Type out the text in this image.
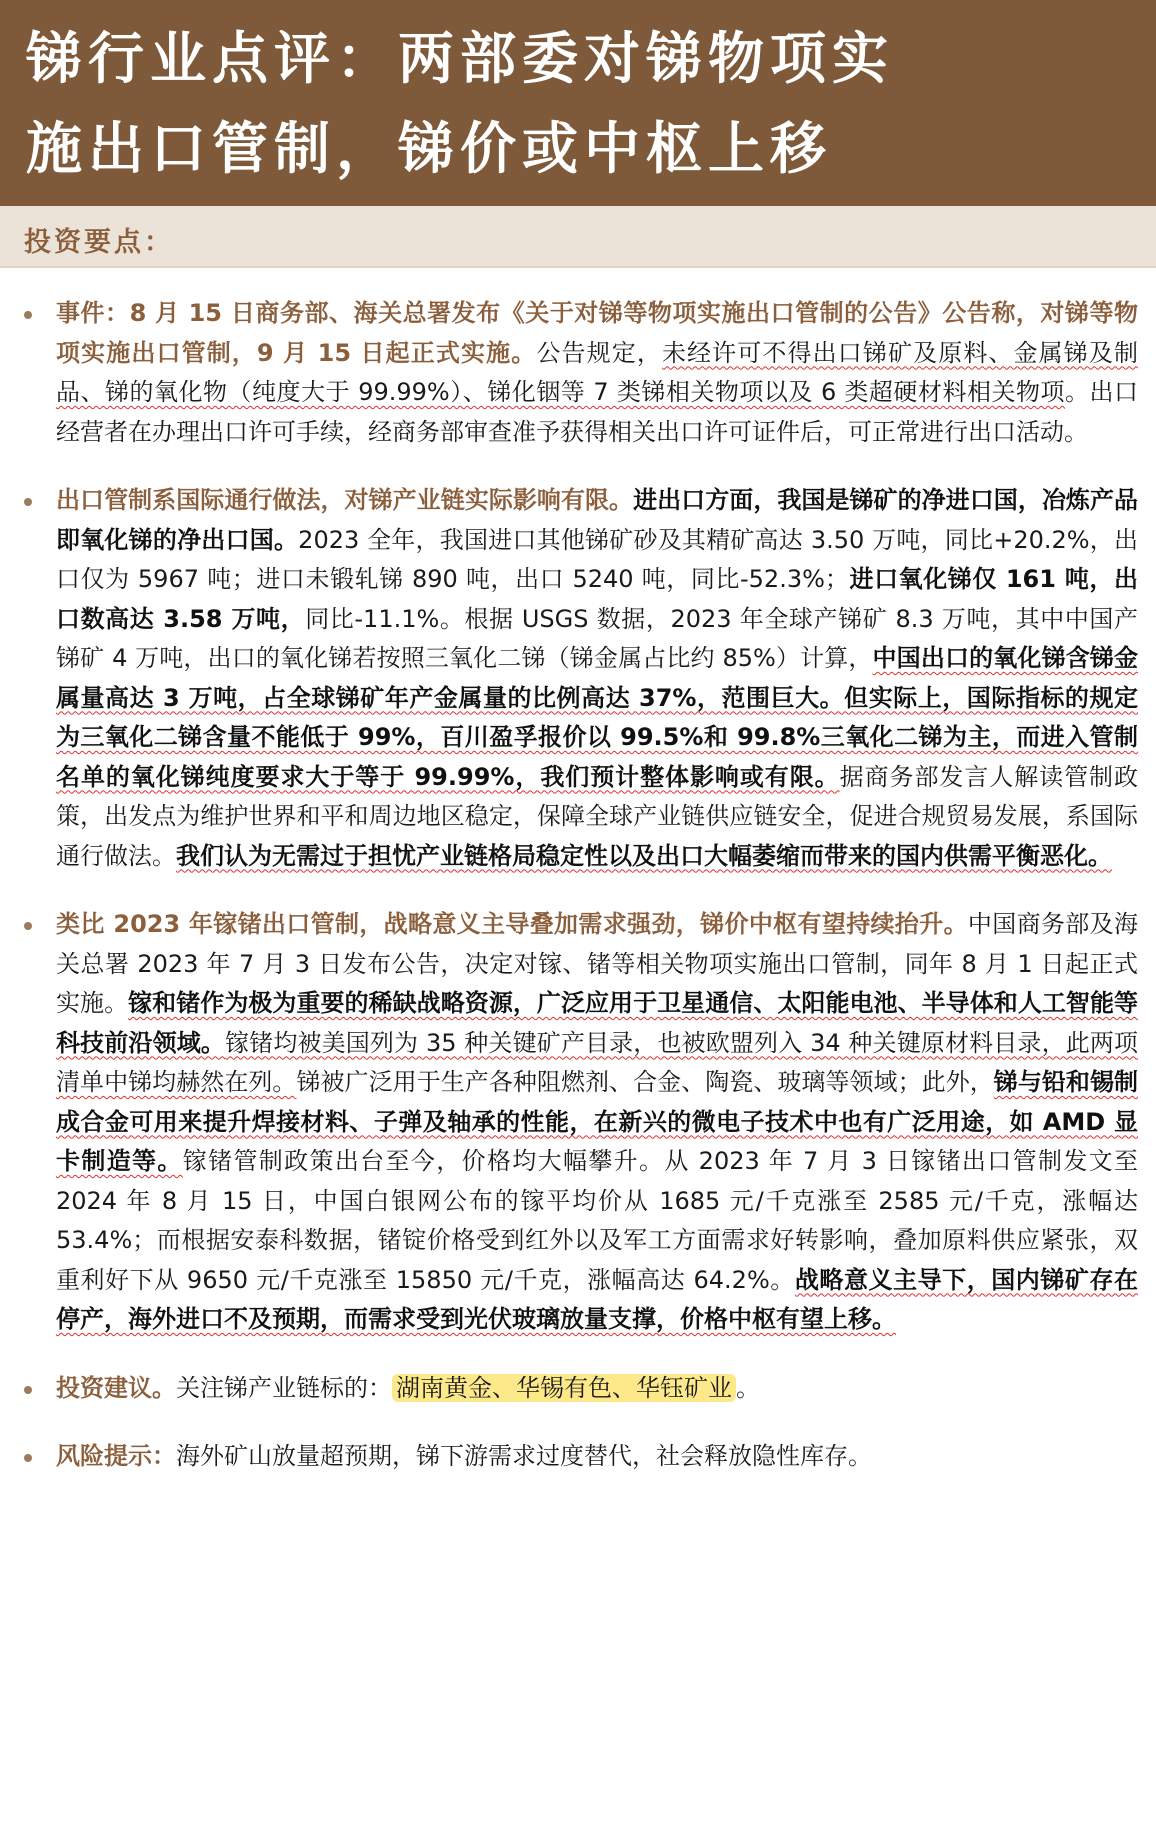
锑行业点评：两部委对锑物项实
施出口管制，锑价或中枢上移
投资要点：
事件：8 月 15 日商务部、海关总署发布《关于对锑等物项实施出口管制的公告》公告称，对锑等物项实施出口管制，9 月 15 日起正式实施。公告规定，未经许可不得出口锑矿及原料、金属锑及制品、锑的氧化物（纯度大于 99.99%）、锑化铟等 7 类锑相关物项以及 6 类超硬材料相关物项。出口经营者在办理出口许可手续，经商务部审查准予获得相关出口许可证件后，可正常进行出口活动。
出口管制系国际通行做法，对锑产业链实际影响有限。进出口方面，我国是锑矿的净进口国，冶炼产品即氧化锑的净出口国。2023 全年，我国进口其他锑矿砂及其精矿高达 3.50 万吨，同比+20.2%，出口仅为 5967 吨；进口未锻轧锑 890 吨，出口 5240 吨，同比-52.3%；进口氧化锑仅 161 吨，出口数高达 3.58 万吨，同比-11.1%。根据 USGS 数据，2023 年全球产锑矿 8.3 万吨，其中中国产锑矿 4 万吨，出口的氧化锑若按照三氧化二锑（锑金属占比约 85%）计算，中国出口的氧化锑含锑金属量高达 3 万吨，占全球锑矿年产金属量的比例高达 37%，范围巨大。但实际上，国际指标的规定为三氧化二锑含量不能低于 99%，百川盈孚报价以 99.5%和 99.8%三氧化二锑为主，而进入管制名单的氧化锑纯度要求大于等于 99.99%，我们预计整体影响或有限。据商务部发言人解读管制政策，出发点为维护世界和平和周边地区稳定，保障全球产业链供应链安全，促进合规贸易发展，系国际通行做法。我们认为无需过于担忧产业链格局稳定性以及出口大幅萎缩而带来的国内供需平衡恶化。
类比 2023 年镓锗出口管制，战略意义主导叠加需求强劲，锑价中枢有望持续抬升。中国商务部及海关总署 2023 年 7 月 3 日发布公告，决定对镓、锗等相关物项实施出口管制，同年 8 月 1 日起正式实施。镓和锗作为极为重要的稀缺战略资源，广泛应用于卫星通信、太阳能电池、半导体和人工智能等科技前沿领域。镓锗均被美国列为 35 种关键矿产目录，也被欧盟列入 34 种关键原材料目录，此两项清单中锑均赫然在列。锑被广泛用于生产各种阻燃剂、合金、陶瓷、玻璃等领域；此外，锑与铅和锡制成合金可用来提升焊接材料、子弹及轴承的性能，在新兴的微电子技术中也有广泛用途，如 AMD 显卡制造等。镓锗管制政策出台至今，价格均大幅攀升。从 2023 年 7 月 3 日镓锗出口管制发文至 2024 年 8 月 15 日，中国白银网公布的镓平均价从 1685 元/千克涨至 2585 元/千克，涨幅达 53.4%；而根据安泰科数据，锗锭价格受到红外以及军工方面需求好转影响，叠加原料供应紧张，双重利好下从 9650 元/千克涨至 15850 元/千克，涨幅高达 64.2%。战略意义主导下，国内锑矿存在停产，海外进口不及预期，而需求受到光伏玻璃放量支撑，价格中枢有望上移。
投资建议。关注锑产业链标的： 湖南黄金、华锡有色、华钰矿业 。
风险提示：海外矿山放量超预期，锑下游需求过度替代，社会释放隐性库存。
